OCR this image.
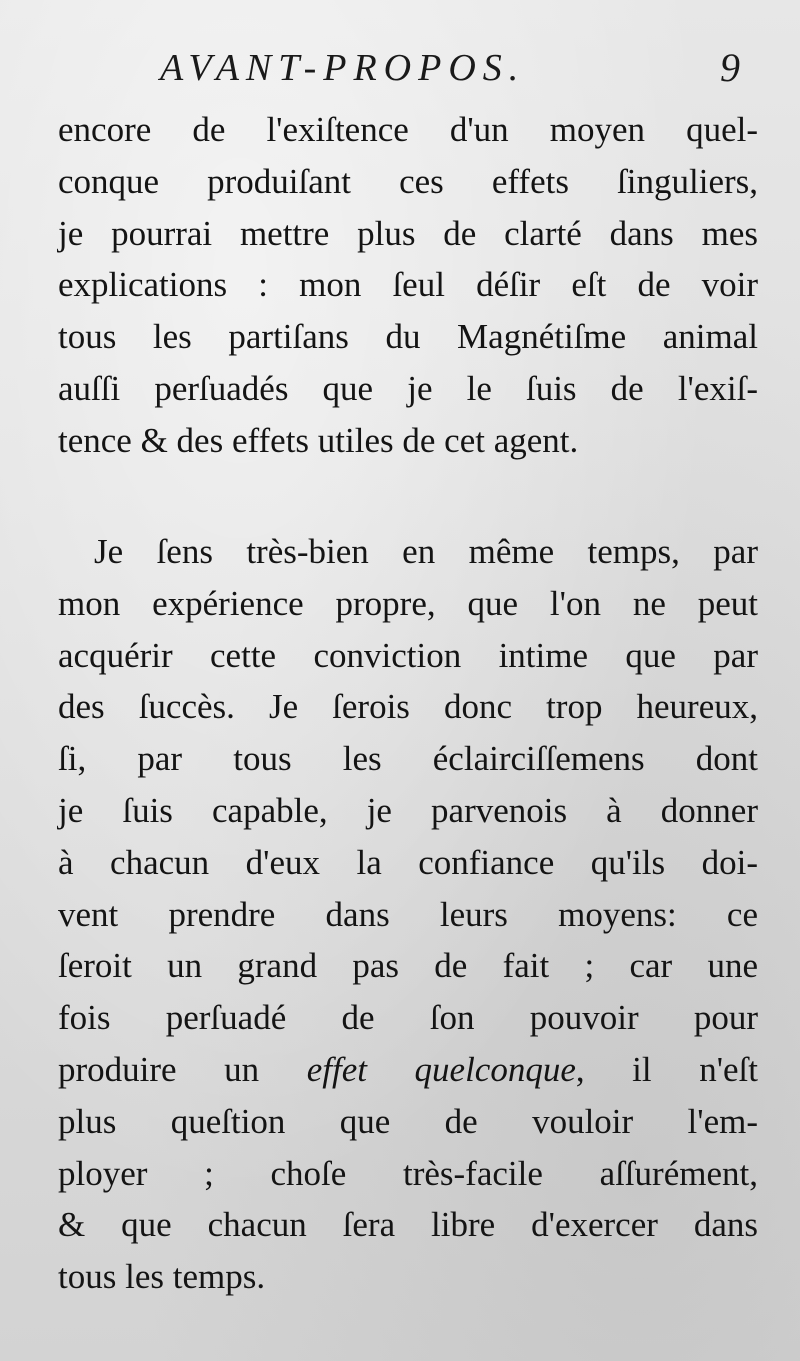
AVANT-PROPOS.	9
encore de l'exiſtence d'un moyen quel-
conque produiſant ces effets ſinguliers,
je pourrai mettre plus de clarté dans mes
explications : mon ſeul déſir eſt de voir
tous les partiſans du Magnétiſme animal
auſſi perſuadés que je le ſuis de l'exiſ-
tence & des effets utiles de cet agent.
Je ſens très-bien en même temps, par
mon expérience propre, que l'on ne peut
acquérir cette conviction intime que par
des ſuccès. Je ſerois donc trop heureux,
ſi, par tous les éclairciſſemens dont
je ſuis capable, je parvenois à donner
à chacun d'eux la confiance qu'ils doi-
vent prendre dans leurs moyens: ce
ſeroit un grand pas de fait ; car une
fois perſuadé de ſon pouvoir pour
produire un effet quelconque, il n'eſt
plus queſtion que de vouloir l'em-
ployer ; choſe très-facile aſſurément,
& que chacun ſera libre d'exercer dans
tous les temps.
